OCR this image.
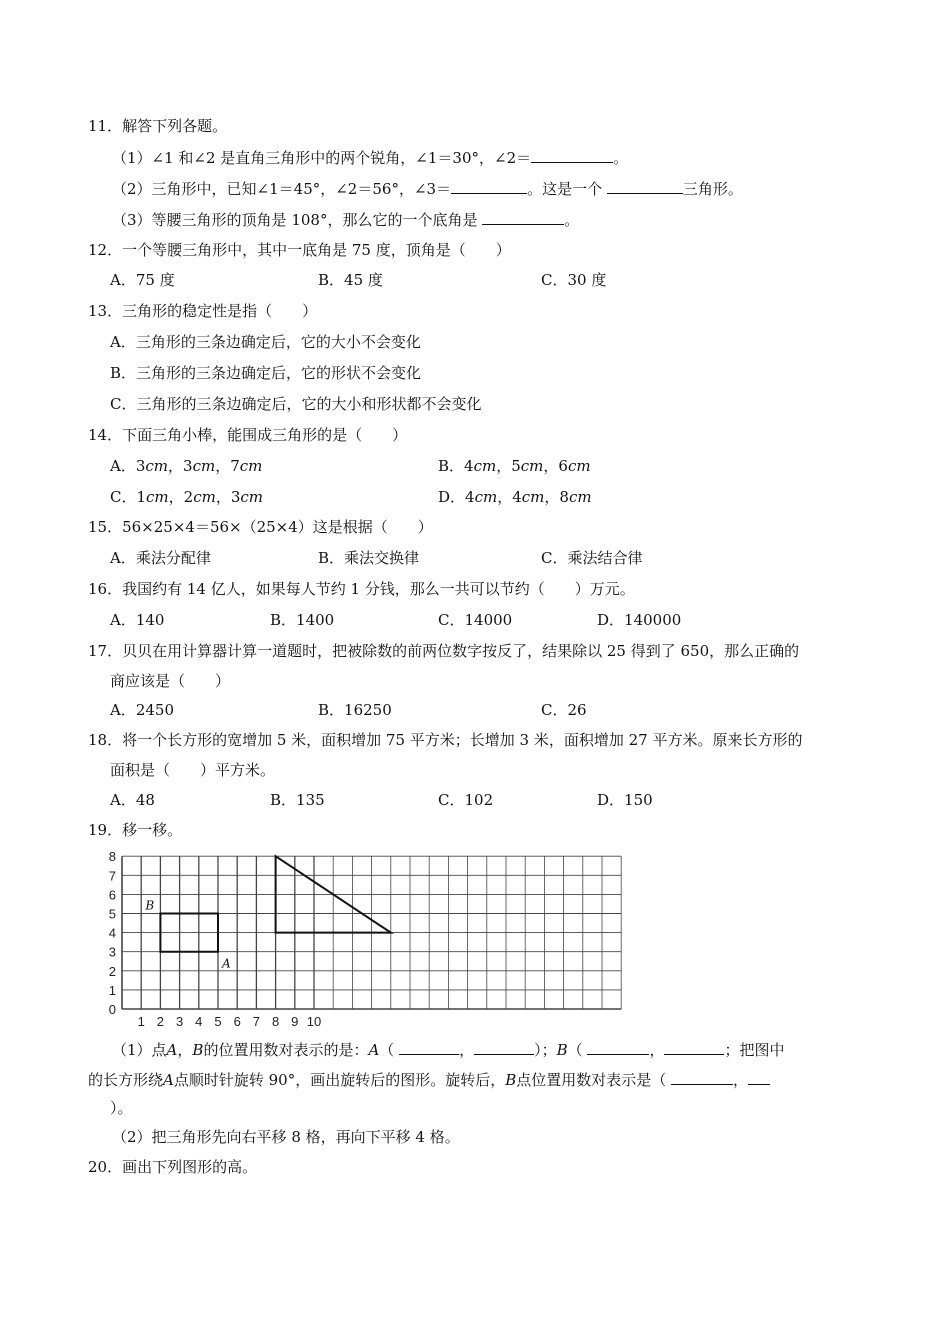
11．解答下列各题。
（1）∠1 和∠2 是直角三角形中的两个锐角，∠1＝30°，∠2＝	。
（2）三角形中，已知∠1＝45°，∠2＝56°，∠3＝	。这是一个	三角形。
（3）等腰三角形的顶角是 108°，那么它的一个底角是	。
12．一个等腰三角形中，其中一底角是 75 度，顶角是（　　）
A．75 度	B．45 度	C．30 度
13．三角形的稳定性是指（　　）
A．三角形的三条边确定后，它的大小不会变化
B．三角形的三条边确定后，它的形状不会变化
C．三角形的三条边确定后，它的大小和形状都不会变化
14．下面三角小棒，能围成三角形的是（　　）
A．3cm，3cm，7cm	B．4cm，5cm，6cm
C．1cm，2cm，3cm	D．4cm，4cm，8cm
15．56×25×4＝56×（25×4）这是根据（　　）
A．乘法分配律	B．乘法交换律	C．乘法结合律
16．我国约有 14 亿人，如果每人节约 1 分钱，那么一共可以节约（　　）万元。
A．140	B．1400	C．14000	D．140000
17．贝贝在用计算器计算一道题时，把被除数的前两位数字按反了，结果除以 25 得到了 650，那么正确的
商应该是（　　）
A．2450	B．16250	C．26
18．将一个长方形的宽增加 5 米，面积增加 75 平方米；长增加 3 米，面积增加 27 平方米。原来长方形的
面积是（　　）平方米。
A．48	B．135	C．102	D．150
19．移一移。
0
1
2
3
4
5
6
7
8
1 2 3 4 5 6 7 8 9 10
B
A
（1）点A，B的位置用数对表示的是：A（	，	）；B（	，	；把图中
的长方形绕A点顺时针旋转 90°，画出旋转后的图形。旋转后，B点位置用数对表示是（	，
）。
（2）把三角形先向右平移 8 格，再向下平移 4 格。
20．画出下列图形的高。
